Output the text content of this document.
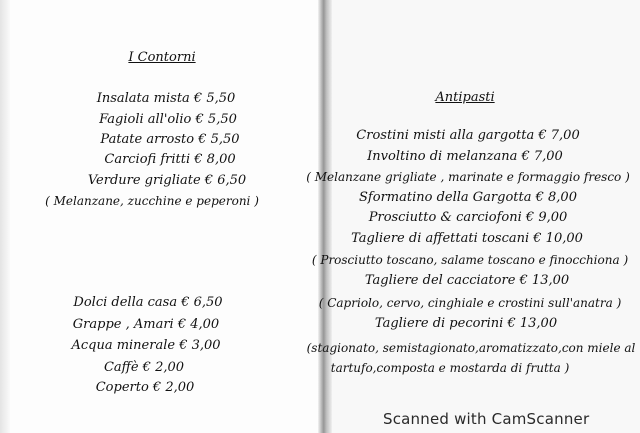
I Contorni
Insalata mista € 5,50
Fagioli all'olio € 5,50
Patate arrosto € 5,50
Carciofi fritti € 8,00
Verdure grigliate € 6,50
( Melanzane, zucchine e peperoni )
Dolci della casa € 6,50
Grappe , Amari € 4,00
Acqua minerale € 3,00
Caffè € 2,00
Coperto € 2,00
Antipasti
Crostini misti alla gargotta € 7,00
Involtino di melanzana € 7,00
( Melanzane grigliate , marinate e formaggio fresco )
Sformatino della Gargotta € 8,00
Prosciutto & carciofoni € 9,00
Tagliere di affettati toscani € 10,00
( Prosciutto toscano, salame toscano e finocchiona )
Tagliere del cacciatore € 13,00
( Capriolo, cervo, cinghiale e crostini sull'anatra )
Tagliere di pecorini € 13,00
(stagionato, semistagionato,aromatizzato,con miele al
tartufo,composta e mostarda di frutta )
Scanned with CamScanner
